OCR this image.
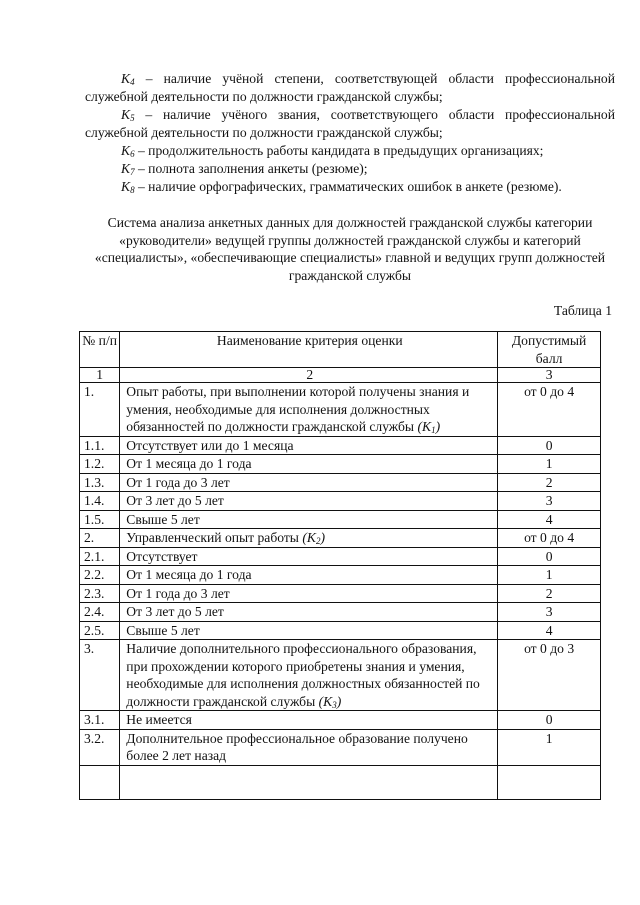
$K_4$ – наличие учёной степени, соответствующей области профессиональной служебной деятельности по должности гражданской службы;

$K_5$ – наличие учёного звания, соответствующего области профессиональной служебной деятельности по должности гражданской службы;

$K_6$ – продолжительность работы кандидата в предыдущих организациях;

$K_7$ – полнота заполнения анкеты (резюме);

$K_8$ – наличие орфографических, грамматических ошибок в анкете (резюме).

Система анализа анкетных данных для должностей гражданской службы категории «руководители» ведущей группы должностей гражданской службы и категорий «специалисты», «обеспечивающие специалисты» главной и ведущих групп должностей гражданской службы

Таблица 1

№ п/п	Наименование критерия оценки	Допустимый балл
1	2	3
1.	Опыт работы, при выполнении которой получены знания и умения, необходимые для исполнения должностных обязанностей по должности гражданской службы $(K_1)$	от 0 до 4
1.1.	Отсутствует или до 1 месяца	0
1.2.	От 1 месяца до 1 года	1
1.3.	От 1 года до 3 лет	2
1.4.	От 3 лет до 5 лет	3
1.5.	Свыше 5 лет	4
2.	Управленческий опыт работы $(K_2)$	от 0 до 4
2.1.	Отсутствует	0
2.2.	От 1 месяца до 1 года	1
2.3.	От 1 года до 3 лет	2
2.4.	От 3 лет до 5 лет	3
2.5.	Свыше 5 лет	4
3.	Наличие дополнительного профессионального образования, при прохождении которого приобретены знания и умения, необходимые для исполнения должностных обязанностей по должности гражданской службы $(K_3)$	от 0 до 3
3.1.	Не имеется	0
3.2.	Дополнительное профессиональное образование получено более 2 лет назад	1
